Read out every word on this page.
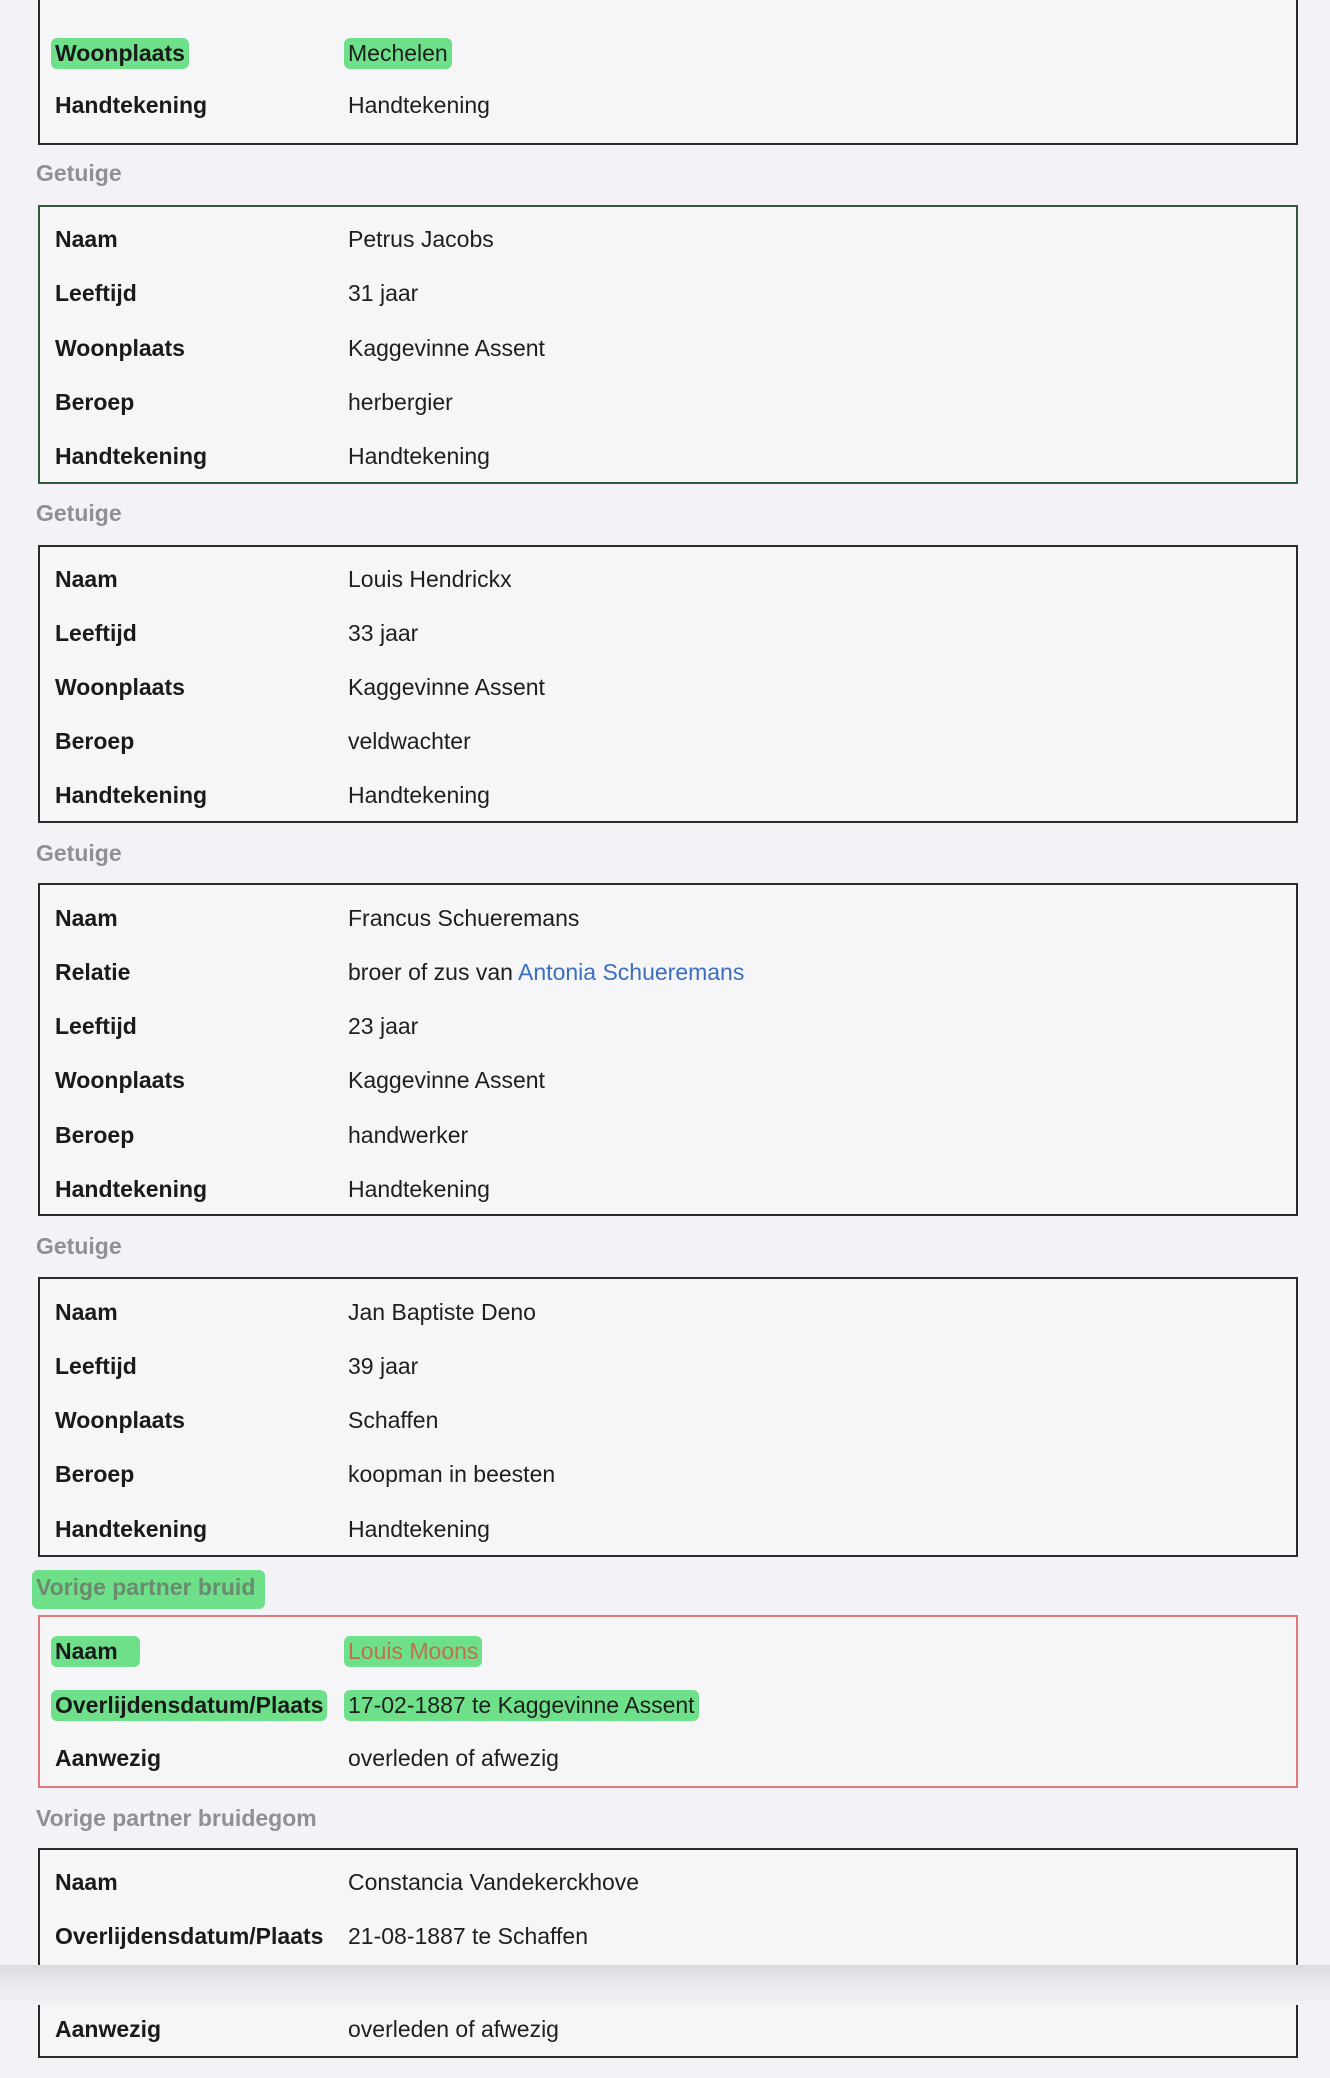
Woonplaats	Mechelen
Handtekening	Handtekening
Getuige
Naam	Petrus Jacobs
Leeftijd	31 jaar
Woonplaats	Kaggevinne Assent
Beroep	herbergier
Handtekening	Handtekening
Getuige
Naam	Louis Hendrickx
Leeftijd	33 jaar
Woonplaats	Kaggevinne Assent
Beroep	veldwachter
Handtekening	Handtekening
Getuige
Naam	Francus Schueremans
Relatie	broer of zus van Antonia Schueremans
Leeftijd	23 jaar
Woonplaats	Kaggevinne Assent
Beroep	handwerker
Handtekening	Handtekening
Getuige
Naam	Jan Baptiste Deno
Leeftijd	39 jaar
Woonplaats	Schaffen
Beroep	koopman in beesten
Handtekening	Handtekening
Vorige partner bruid
Naam	Louis Moons
Overlijdensdatum/Plaats 17-02-1887 te Kaggevinne Assent
Aanwezig	overleden of afwezig
Vorige partner bruidegom
Naam	Constancia Vandekerckhove
Overlijdensdatum/Plaats 21-08-1887 te Schaffen
Aanwezig	overleden of afwezig
